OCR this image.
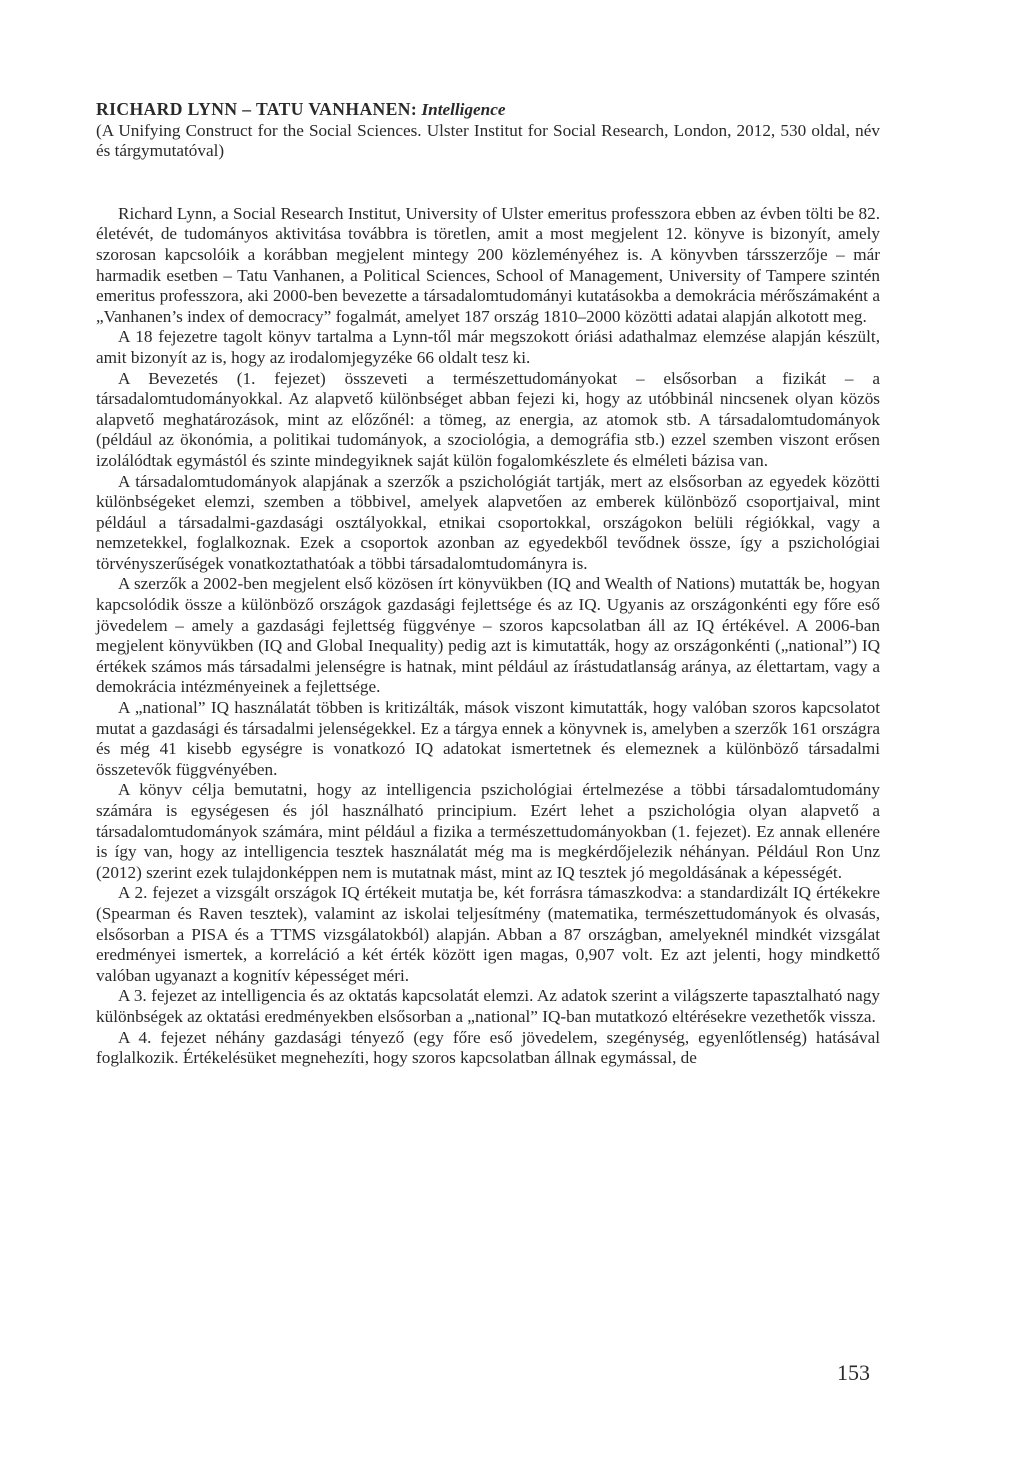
RICHARD LYNN – TATU VANHANEN: Intelligence

(A Unifying Construct for the Social Sciences. Ulster Institut for Social Research, London, 2012, 530 oldal, név és tárgymutatóval)

Richard Lynn, a Social Research Institut, University of Ulster emeritus professzora ebben az évben tölti be 82. életévét, de tudományos aktivitása továbbra is töretlen, amit a most megjelent 12. könyve is bizonyít, amely szorosan kapcsolóik a korábban megjelent mintegy 200 közleményéhez is. A könyvben társszerzője – már harmadik esetben – Tatu Vanhanen, a Political Sciences, School of Management, University of Tampere szintén emeritus professzora, aki 2000-ben bevezette a társadalomtudományi kutatásokba a demokrácia mérőszámaként a „Vanhanen’s index of democracy” fogalmát, amelyet 187 ország 1810–2000 közötti adatai alapján alkotott meg.

A 18 fejezetre tagolt könyv tartalma a Lynn-től már megszokott óriási adathalmaz elemzése alapján készült, amit bizonyít az is, hogy az irodalomjegyzéke 66 oldalt tesz ki.

A Bevezetés (1. fejezet) összeveti a természettudományokat – elsősorban a fizikát – a társadalomtudományokkal. Az alapvető különbséget abban fejezi ki, hogy az utóbbinál nincsenek olyan közös alapvető meghatározások, mint az előzőnél: a tömeg, az energia, az atomok stb. A társadalomtudományok (például az ökonómia, a politikai tudományok, a szociológia, a demográfia stb.) ezzel szemben viszont erősen izolálódtak egymástól és szinte mindegyiknek saját külön fogalomkészlete és elméleti bázisa van.

A társadalomtudományok alapjának a szerzők a pszichológiát tartják, mert az elsősorban az egyedek közötti különbségeket elemzi, szemben a többivel, amelyek alapvetően az emberek különböző csoportjaival, mint például a társadalmi-gazdasági osztályokkal, etnikai csoportokkal, országokon belüli régiókkal, vagy a nemzetekkel, foglalkoznak. Ezek a csoportok azonban az egyedekből tevődnek össze, így a pszichológiai törvényszerűségek vonatkoztathatóak a többi társadalomtudományra is.

A szerzők a 2002-ben megjelent első közösen írt könyvükben (IQ and Wealth of Nations) mutatták be, hogyan kapcsolódik össze a különböző országok gazdasági fejlettsége és az IQ. Ugyanis az országonkénti egy főre eső jövedelem – amely a gazdasági fejlettség függvénye – szoros kapcsolatban áll az IQ értékével. A 2006-ban megjelent könyvükben (IQ and Global Inequality) pedig azt is kimutatták, hogy az országonkénti („national”) IQ értékek számos más társadalmi jelenségre is hatnak, mint például az írástudatlanság aránya, az élettartam, vagy a demokrácia intézményeinek a fejlettsége.

A „national” IQ használatát többen is kritizálták, mások viszont kimutatták, hogy valóban szoros kapcsolatot mutat a gazdasági és társadalmi jelenségekkel. Ez a tárgya ennek a könyvnek is, amelyben a szerzők 161 országra és még 41 kisebb egységre is vonatkozó IQ adatokat ismertetnek és elemeznek a különböző társadalmi összetevők függvényében.

A könyv célja bemutatni, hogy az intelligencia pszichológiai értelmezése a többi társadalomtudomány számára is egységesen és jól használható principium. Ezért lehet a pszichológia olyan alapvető a társadalomtudományok számára, mint például a fizika a természettudományokban (1. fejezet). Ez annak ellenére is így van, hogy az intelligencia tesztek használatát még ma is megkérdőjelezik néhányan. Például Ron Unz (2012) szerint ezek tulajdonképpen nem is mutatnak mást, mint az IQ tesztek jó megoldásának a képességét.

A 2. fejezet a vizsgált országok IQ értékeit mutatja be, két forrásra támaszkodva: a standardizált IQ értékekre (Spearman és Raven tesztek), valamint az iskolai teljesítmény (matematika, természettudományok és olvasás, elsősorban a PISA és a TTMS vizsgálatokból) alapján. Abban a 87 országban, amelyeknél mindkét vizsgálat eredményei ismertek, a korreláció a két érték között igen magas, 0,907 volt. Ez azt jelenti, hogy mindkettő valóban ugyanazt a kognitív képességet méri.

A 3. fejezet az intelligencia és az oktatás kapcsolatát elemzi. Az adatok szerint a világszerte tapasztalható nagy különbségek az oktatási eredményekben elsősorban a „national” IQ-ban mutatkozó eltérésekre vezethetők vissza.

A 4. fejezet néhány gazdasági tényező (egy főre eső jövedelem, szegénység, egyenlőtlenség) hatásával foglalkozik. Értékelésüket megnehezíti, hogy szoros kapcsolatban állnak egymással, de

153
